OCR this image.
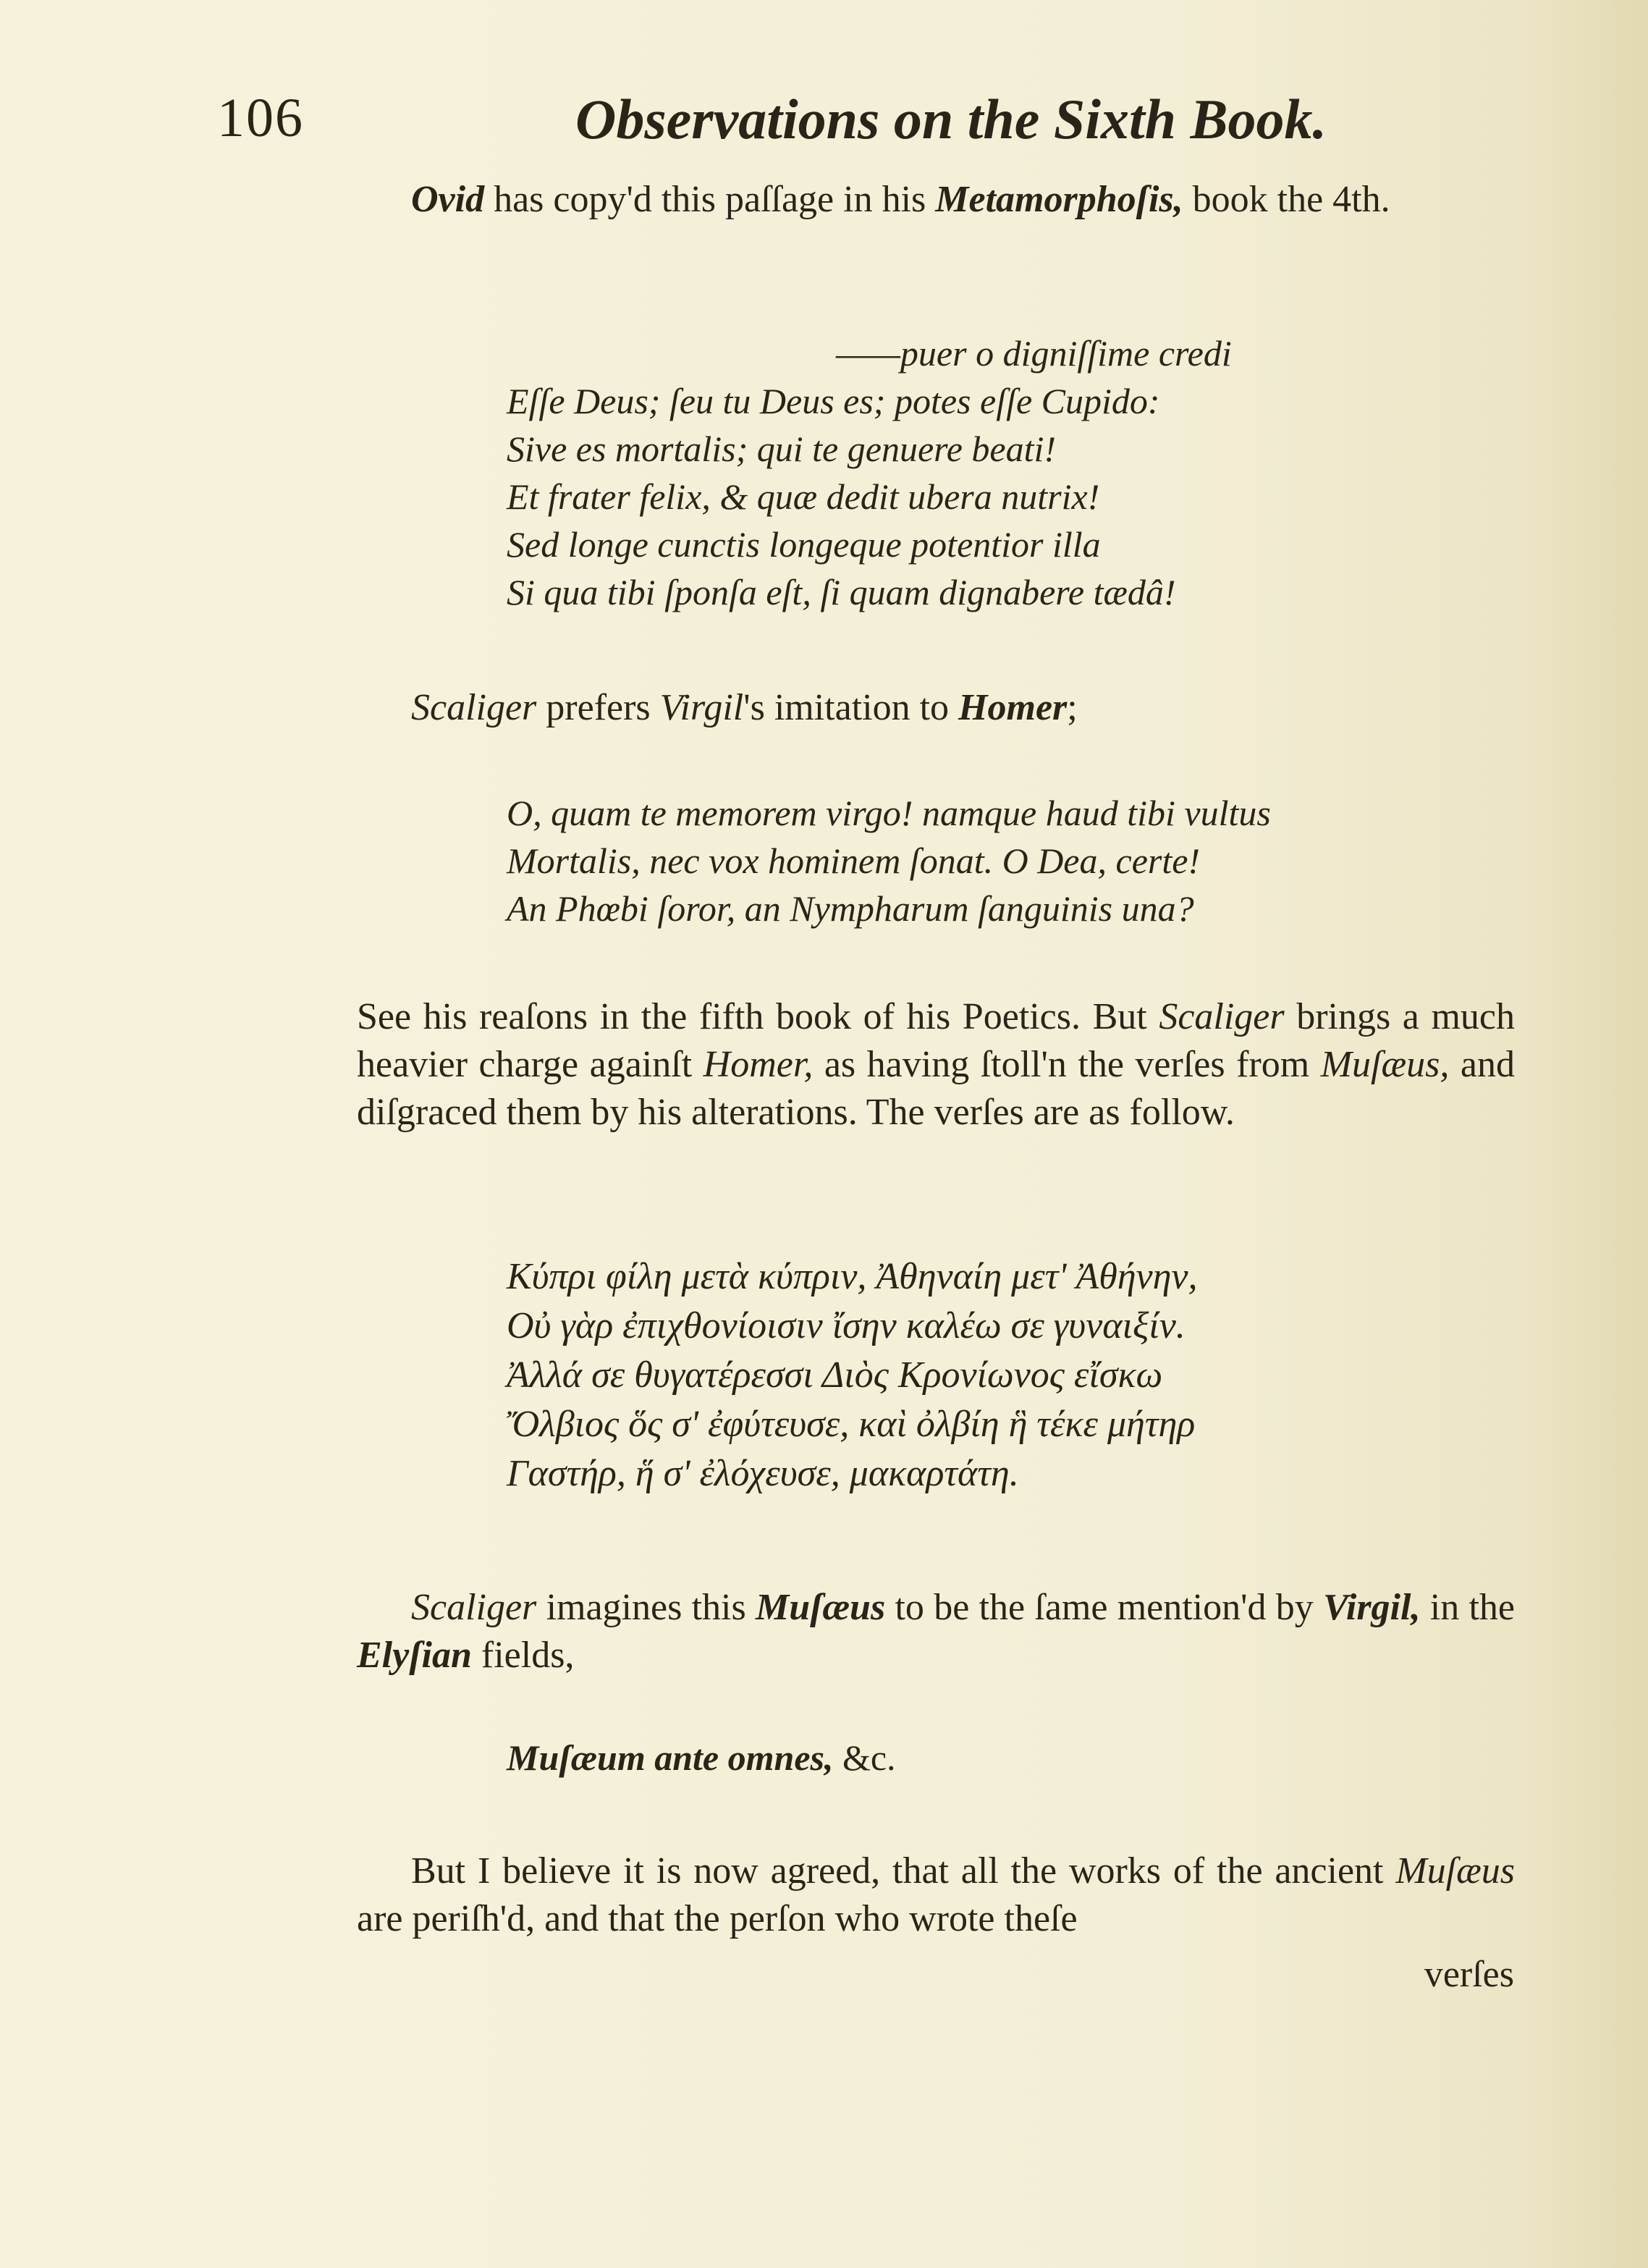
106	Observations on the Sixth Book.
Ovid has copy'd this paſſage in his Metamorphoſis, book the 4th.
——puer o digniſſime credi
Eſſe Deus; ſeu tu Deus es; potes eſſe Cupido:
Sive es mortalis; qui te genuere beati!
Et frater felix, & quæ dedit ubera nutrix!
Sed longe cunctis longeque potentior illa
Si qua tibi ſponſa eſt, ſi quam dignabere tædâ!
Scaliger prefers Virgil's imitation to Homer;
O, quam te memorem virgo! namque haud tibi vultus
Mortalis, nec vox hominem ſonat. O Dea, certe!
An Phœbi ſoror, an Nympharum ſanguinis una?
See his reaſons in the fifth book of his Poetics. But Scaliger brings a much heavier charge againſt Homer, as having ſtoll'n the verſes from Muſæus, and diſgraced them by his alterations. The verſes are as follow.
Κύπρι φίλη μετὰ κύπριν, Ἀθηναίη μετ' Ἀθήνην,
Οὐ γὰρ ἐπιχθονίοισιν ἴσην καλέω σε γυναιξίν.
Ἀλλά σε θυγατέρεσσι Διὸς Κρονίωνος εἴσκω
Ὄλβιος ὅς σ' ἐφύτευσε, καὶ ὀλβίη ἣ τέκε μήτηρ
Γαστήρ, ἥ σ' ἐλόχευσε, μακαρτάτη.
Scaliger imagines this Muſæus to be the ſame mention'd by Virgil, in the Elyſian fields,
Muſæum ante omnes, &c.
But I believe it is now agreed, that all the works of the ancient Muſæus are periſh'd, and that the perſon who wrote theſe
verſes
